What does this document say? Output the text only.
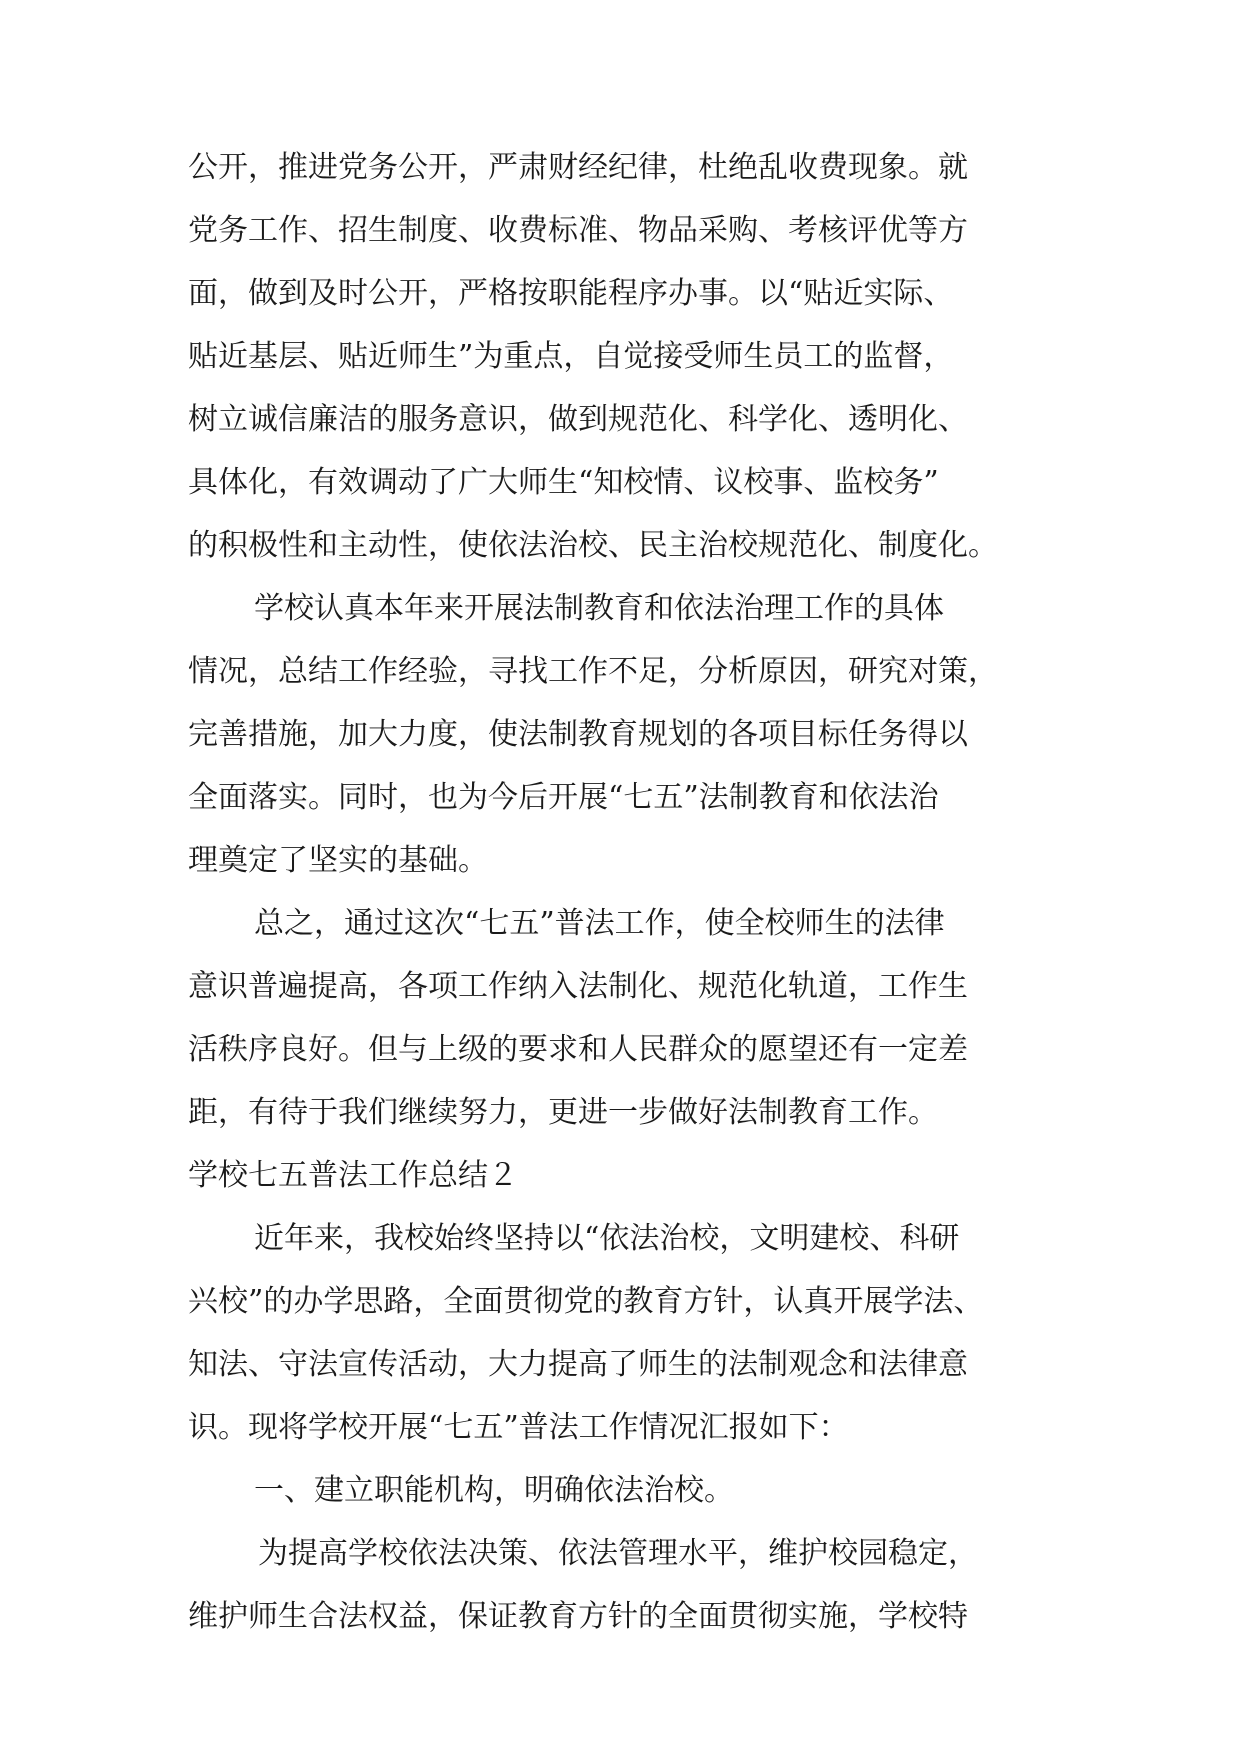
公开，推进党务公开，严肃财经纪律，杜绝乱收费现象。就
党务工作、招生制度、收费标准、物品采购、考核评优等方
面，做到及时公开，严格按职能程序办事。以“贴近实际、
贴近基层、贴近师生”为重点，自觉接受师生员工的监督，
树立诚信廉洁的服务意识，做到规范化、科学化、透明化、
具体化，有效调动了广大师生“知校情、议校事、监校务”
的积极性和主动性，使依法治校、民主治校规范化、制度化。
学校认真本年来开展法制教育和依法治理工作的具体
情况，总结工作经验，寻找工作不足，分析原因，研究对策，
完善措施，加大力度，使法制教育规划的各项目标任务得以
全面落实。同时，也为今后开展“七五”法制教育和依法治
理奠定了坚实的基础。
总之，通过这次“七五”普法工作，使全校师生的法律
意识普遍提高，各项工作纳入法制化、规范化轨道，工作生
活秩序良好。但与上级的要求和人民群众的愿望还有一定差
距，有待于我们继续努力，更进一步做好法制教育工作。
学校七五普法工作总结２
近年来，我校始终坚持以“依法治校，文明建校、科研
兴校”的办学思路，全面贯彻党的教育方针，认真开展学法、
知法、守法宣传活动，大力提高了师生的法制观念和法律意
识。现将学校开展“七五”普法工作情况汇报如下：
一、建立职能机构，明确依法治校。
为提高学校依法决策、依法管理水平，维护校园稳定，
维护师生合法权益，保证教育方针的全面贯彻实施，学校特
